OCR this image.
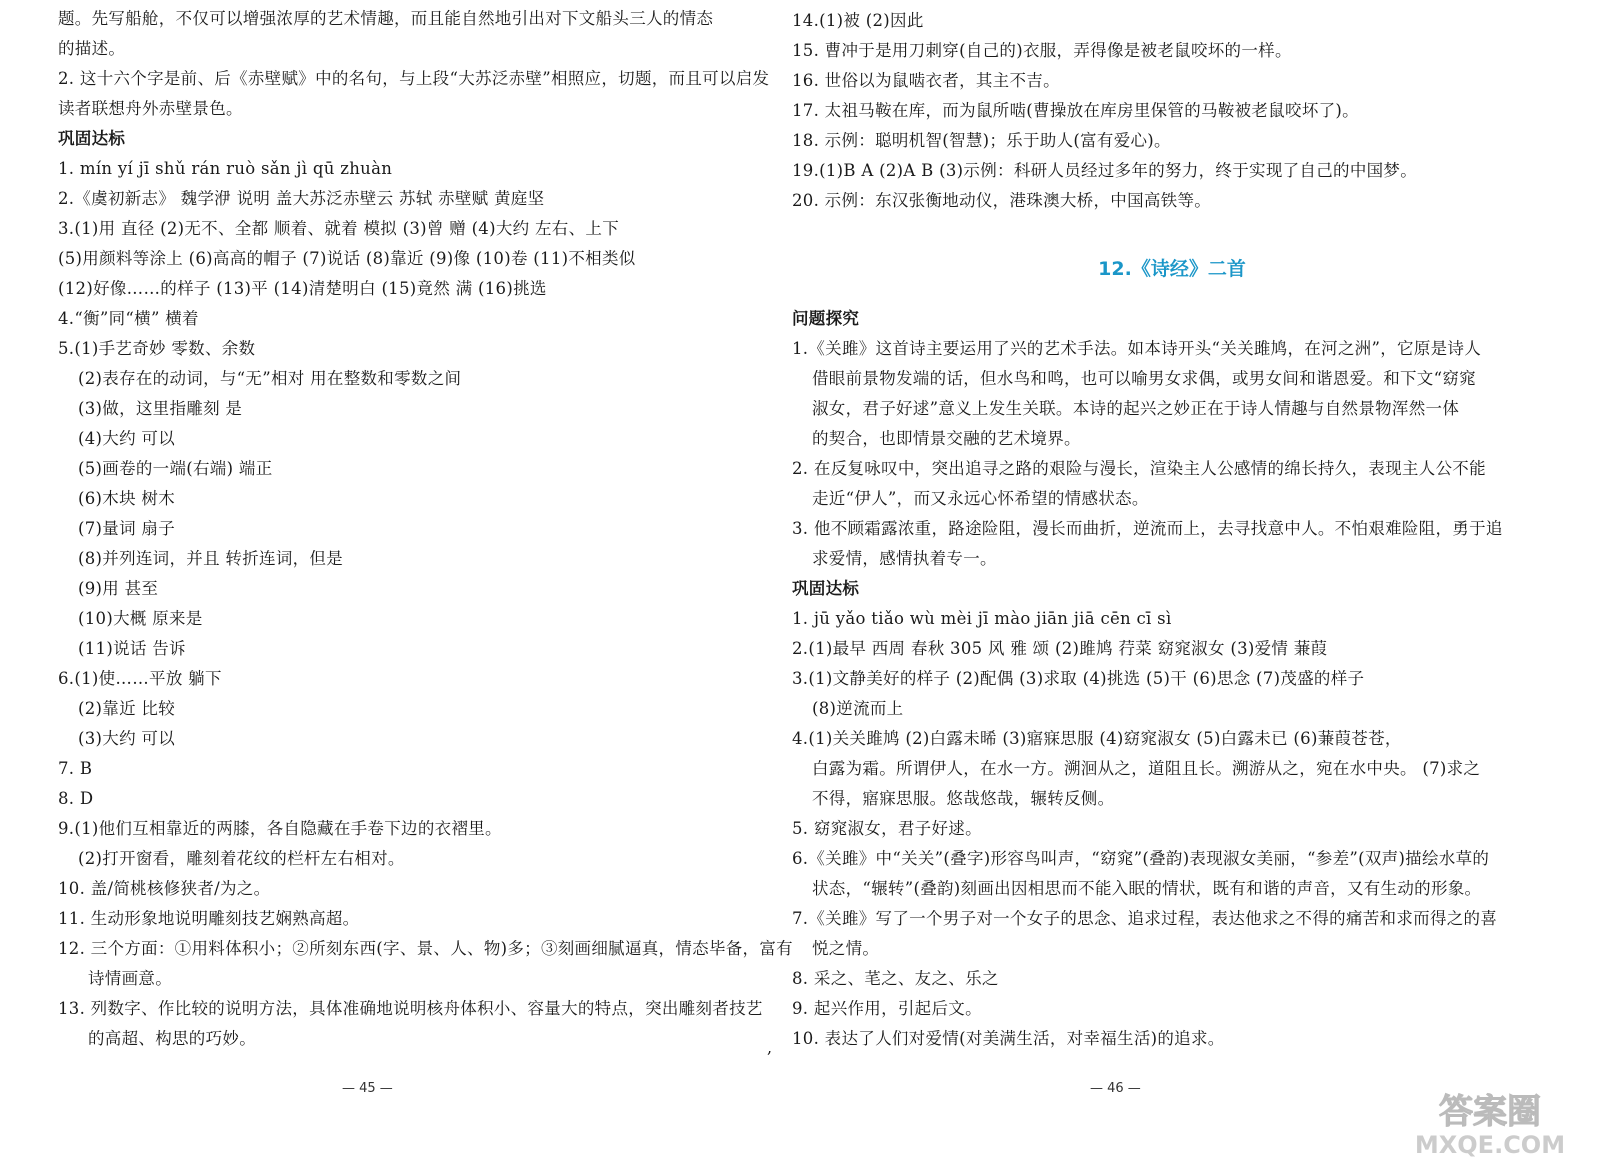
题。先写船舱，不仅可以增强浓厚的艺术情趣，而且能自然地引出对下文船头三人的情态
的描述。
2. 这十六个字是前、后《赤壁赋》中的名句，与上段“大苏泛赤壁”相照应，切题，而且可以启发
读者联想舟外赤壁景色。
巩固达标
1. mín yí jī shǔ rán ruò sǎn jì qū zhuàn
2.《虞初新志》 魏学洢 说明 盖大苏泛赤壁云 苏轼 赤壁赋 黄庭坚
3.(1)用 直径 (2)无不、全都 顺着、就着 模拟 (3)曾 赠 (4)大约 左右、上下
(5)用颜料等涂上 (6)高高的帽子 (7)说话 (8)靠近 (9)像 (10)卷 (11)不相类似
(12)好像……的样子 (13)平 (14)清楚明白 (15)竟然 满 (16)挑选
4.“衡”同“横” 横着
5.(1)手艺奇妙 零数、余数
(2)表存在的动词，与“无”相对 用在整数和零数之间
(3)做，这里指雕刻 是
(4)大约 可以
(5)画卷的一端(右端) 端正
(6)木块 树木
(7)量词 扇子
(8)并列连词，并且 转折连词，但是
(9)用 甚至
(10)大概 原来是
(11)说话 告诉
6.(1)使……平放 躺下
(2)靠近 比较
(3)大约 可以
7. B
8. D
9.(1)他们互相靠近的两膝，各自隐藏在手卷下边的衣褶里。
(2)打开窗看，雕刻着花纹的栏杆左右相对。
10. 盖/简桃核修狭者/为之。
11. 生动形象地说明雕刻技艺娴熟高超。
12. 三个方面：①用料体积小；②所刻东西(字、景、人、物)多；③刻画细腻逼真，情态毕备，富有
诗情画意。
13. 列数字、作比较的说明方法，具体准确地说明核舟体积小、容量大的特点，突出雕刻者技艺
的高超、构思的巧妙。
— 45 —
,
14.(1)被 (2)因此
15. 曹冲于是用刀刺穿(自己的)衣服，弄得像是被老鼠咬坏的一样。
16. 世俗以为鼠啮衣者，其主不吉。
17. 太祖马鞍在库，而为鼠所啮(曹操放在库房里保管的马鞍被老鼠咬坏了)。
18. 示例：聪明机智(智慧)；乐于助人(富有爱心)。
19.(1)B A (2)A B (3)示例：科研人员经过多年的努力，终于实现了自己的中国梦。
20. 示例：东汉张衡地动仪，港珠澳大桥，中国高铁等。
12.《诗经》二首
问题探究
1.《关雎》这首诗主要运用了兴的艺术手法。如本诗开头“关关雎鸠，在河之洲”，它原是诗人
借眼前景物发端的话，但水鸟和鸣，也可以喻男女求偶，或男女间和谐恩爱。和下文“窈窕
淑女，君子好逑”意义上发生关联。本诗的起兴之妙正在于诗人情趣与自然景物浑然一体
的契合，也即情景交融的艺术境界。
2. 在反复咏叹中，突出追寻之路的艰险与漫长，渲染主人公感情的绵长持久，表现主人公不能
走近“伊人”，而又永远心怀希望的情感状态。
3. 他不顾霜露浓重，路途险阻，漫长而曲折，逆流而上，去寻找意中人。不怕艰难险阻，勇于追
求爱情，感情执着专一。
巩固达标
1. jū yǎo tiǎo wù mèi jī mào jiān jiā cēn cī sì
2.(1)最早 西周 春秋 305 风 雅 颂 (2)雎鸠 荇菜 窈窕淑女 (3)爱情 蒹葭
3.(1)文静美好的样子 (2)配偶 (3)求取 (4)挑选 (5)干 (6)思念 (7)茂盛的样子
(8)逆流而上
4.(1)关关雎鸠 (2)白露未晞 (3)寤寐思服 (4)窈窕淑女 (5)白露未已 (6)蒹葭苍苍，
白露为霜。所谓伊人，在水一方。溯洄从之，道阻且长。溯游从之，宛在水中央。 (7)求之
不得，寤寐思服。悠哉悠哉，辗转反侧。
5. 窈窕淑女，君子好逑。
6.《关雎》中“关关”(叠字)形容鸟叫声，“窈窕”(叠韵)表现淑女美丽，“参差”(双声)描绘水草的
状态，“辗转”(叠韵)刻画出因相思而不能入眠的情状，既有和谐的声音，又有生动的形象。
7.《关雎》写了一个男子对一个女子的思念、追求过程，表达他求之不得的痛苦和求而得之的喜
悦之情。
8. 采之、芼之、友之、乐之
9. 起兴作用，引起后文。
10. 表达了人们对爱情(对美满生活，对幸福生活)的追求。
— 46 —
答案圈
MXQE.COM
